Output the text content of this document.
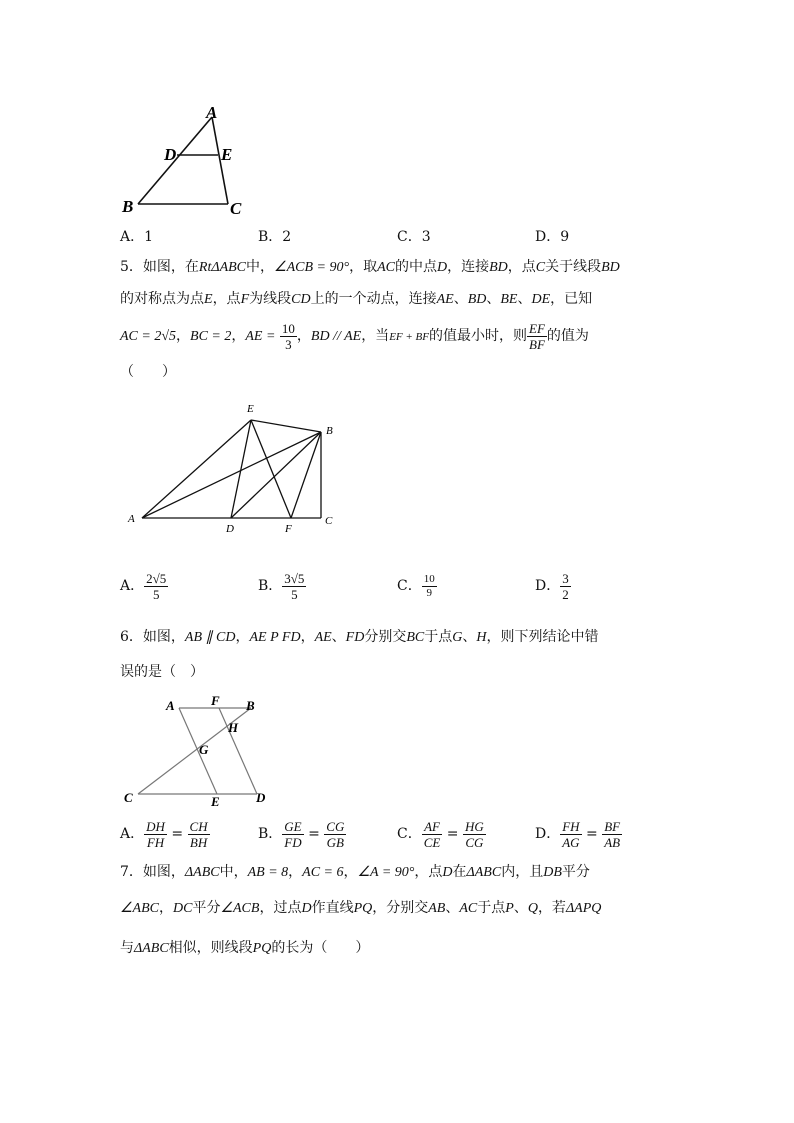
A
D	E
B	C
A．1	B．2	C．3	D．9
5．如图，在RtΔABC中，∠ACB = 90°，取AC的中点D，连接BD，点C关于线段BD
的对称点为点E，点F为线段CD上的一个动点，连接AE、BD、BE、DE，已知
AC = 2√5，BC = 2，AE = $\frac{10}{3}$ ，BD // AE，当EF + BF的值最小时，则 $\frac{EF}{BF}$ 的值为
（　　）
E
B
A
D	F
C
A． $\frac{2√5}{5}$	B． $\frac{3√5}{5}$	C． $\frac{10}{9}$	D． $\frac{3}{2}$
6．如图，AB ∥ CD，AE P FD，AE、FD分别交BC于点G、H，则下列结论中错
误的是（　）
A	F B
H
G
C	E	D
A． $\frac{DH}{FH} = \frac{CH}{BH}$	B． $\frac{GE}{FD} = \frac{CG}{GB}$	C． $\frac{AF}{CE} = \frac{HG}{CG}$	D． $\frac{FH}{AG} = \frac{BF}{AB}$
7．如图，ΔABC中，AB = 8，AC = 6，∠A = 90°，点D在ΔABC内，且DB平分
∠ABC，DC平分∠ACB，过点D作直线PQ，分别交AB、AC于点P、Q，若ΔAPQ
与ΔABC相似，则线段PQ的长为（　　）
